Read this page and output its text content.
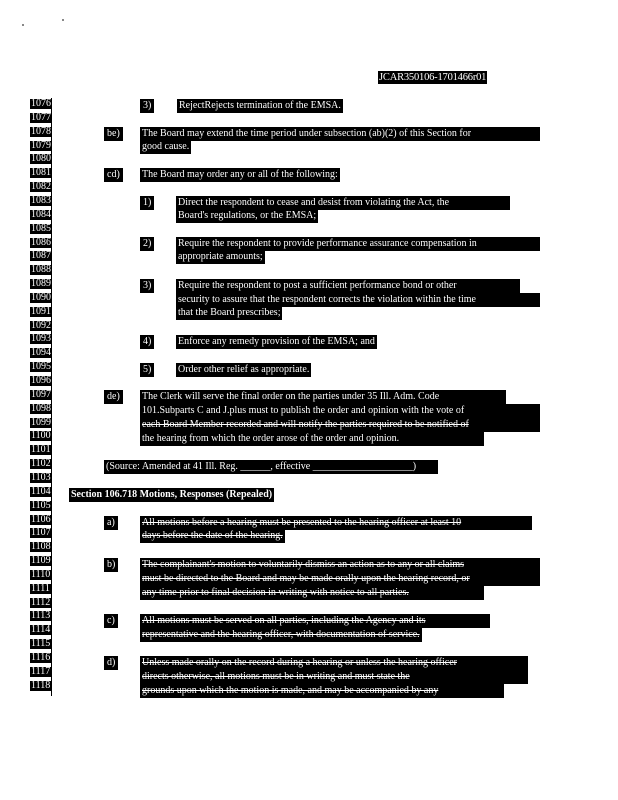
JCAR350106-1701466r01
1076
1077
1078
1079
1080
1081
1082
1083
1084
1085
1086
1087
1088
1089
1090
1091
1092
1093
1094
1095
1096
1097
1098
1099
1100
1101
1102
1103
1104
1105
1106
1107
1108
1109
1110
1111
1112
1113
1114
1115
1116
1117
1118
3)	RejectRejects termination of the EMSA.
be)	The Board may extend the time period under subsection (ab)(2) of this Section for
good cause.
cd)	The Board may order any or all of the following:
1)	Direct the respondent to cease and desist from violating the Act, the
Board's regulations, or the EMSA;
2)	Require the respondent to provide performance assurance compensation in
appropriate amounts;
3)	Require the respondent to post a sufficient performance bond or other
security to assure that the respondent corrects the violation within the time
that the Board prescribes;
4)	Enforce any remedy provision of the EMSA; and
5)	Order other relief as appropriate.
de)	The Clerk will serve the final order on the parties under 35 Ill. Adm. Code
101.Subparts C and J.plus must to publish the order and opinion with the vote of
each Board Member recorded and will notify the parties required to be notified of
the hearing from which the order arose of the order and opinion.
(Source: Amended at 41 Ill. Reg. ______, effective ____________________)
Section 106.718 Motions, Responses (Repealed)
a)	All motions before a hearing must be presented to the hearing officer at least 10
days before the date of the hearing.
b)	The complainant's motion to voluntarily dismiss an action as to any or all claims
must be directed to the Board and may be made orally upon the hearing record, or
any time prior to final decision in writing with notice to all parties.
c)	All motions must be served on all parties, including the Agency and its
representative and the hearing officer, with documentation of service.
d)	Unless made orally on the record during a hearing or unless the hearing officer
directs otherwise, all motions must be in writing and must state the
grounds upon which the motion is made, and may be accompanied by any
